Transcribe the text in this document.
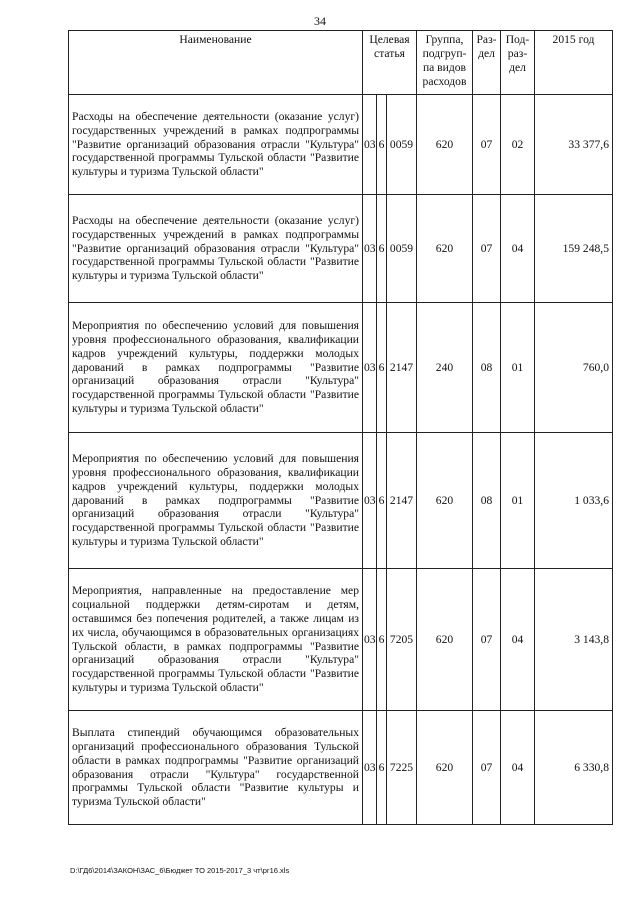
34
Наименование	Целевая статья			Группа, подгруп-па видов расходов	Раз-дел	Под-раз-дел	2015 год
Расходы на обеспечение деятельности (оказание услуг) государственных учреждений в рамках подпрограммы "Развитие организаций образования отрасли "Культура" государственной программы Тульской области "Развитие культуры и туризма Тульской области"	03	6	0059	620	07	02	33 377,6
Расходы на обеспечение деятельности (оказание услуг) государственных учреждений в рамках подпрограммы "Развитие организаций образования отрасли "Культура" государственной программы Тульской области "Развитие культуры и туризма Тульской области"	03	6	0059	620	07	04	159 248,5
Мероприятия по обеспечению условий для повышения уровня профессионального образования, квалификации кадров учреждений культуры, поддержки молодых дарований в рамках подпрограммы "Развитие организаций образования отрасли "Культура" государственной программы Тульской области "Развитие культуры и туризма Тульской области"	03	6	2147	240	08	01	760,0
Мероприятия по обеспечению условий для повышения уровня профессионального образования, квалификации кадров учреждений культуры, поддержки молодых дарований в рамках подпрограммы "Развитие организаций образования отрасли "Культура" государственной программы Тульской области "Развитие культуры и туризма Тульской области"	03	6	2147	620	08	01	1 033,6
Мероприятия, направленные на предоставление мер социальной поддержки детям-сиротам и детям, оставшимся без попечения родителей, а также лицам из их числа, обучающимся в образовательных организациях Тульской области, в рамках подпрограммы "Развитие организаций образования отрасли "Культура" государственной программы Тульской области "Развитие культуры и туризма Тульской области"	03	6	7205	620	07	04	3 143,8
Выплата стипендий обучающимся образовательных организаций профессионального образования Тульской области в рамках подпрограммы "Развитие организаций образования отрасли "Культура" государственной программы Тульской области "Развитие культуры и туризма Тульской области"	03	6	7225	620	07	04	6 330,8
D:\ГД6\2014\ЗАКОН\ЗАС_6\Бюджет ТО 2015-2017_3 чт\рг16.xls
